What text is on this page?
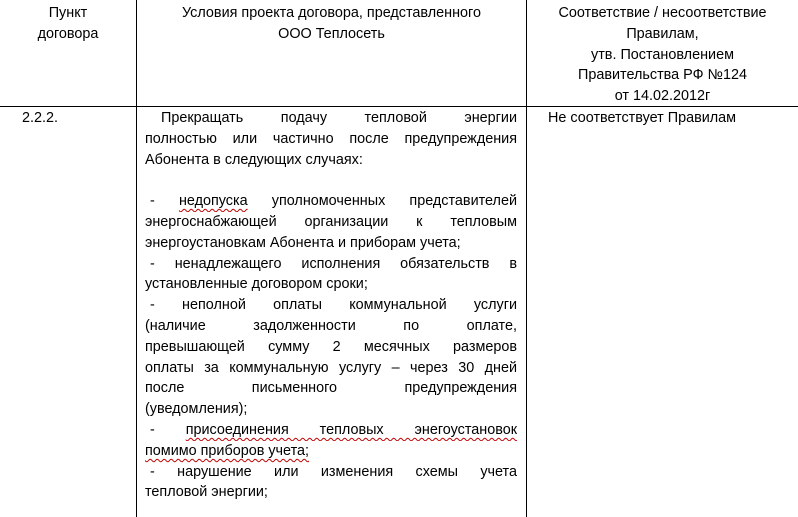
Пункт
договора
Условия проекта договора, представленного
ООО Теплосеть
Соответствие / несоответствие
Правилам,
утв. Постановлением
Правительства РФ №124
от 14.02.2012г
2.2.2.	Не соответствует Правилам
Прекращать подачу тепловой энергии
полностью или частично после предупреждения
Абонента в следующих случаях:
- недопуска уполномоченных представителей
энергоснабжающей организации к тепловым
энергоустановкам Абонента и приборам учета;
- ненадлежащего исполнения обязательств в
установленные договором сроки;
- неполной оплаты коммунальной услуги
(наличие задолженности по оплате,
превышающей сумму 2 месячных размеров
оплаты за коммунальную услугу – через 30 дней
после письменного предупреждения
(уведомления);
- присоединения тепловых энегоустановок
помимо приборов учета;
- нарушение или изменения схемы учета
тепловой энергии;
